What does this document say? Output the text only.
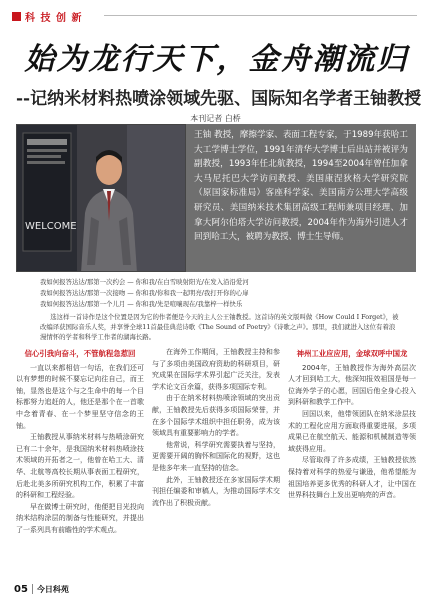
科 技 创 新
始为龙行天下，金舟潮流归
--记纳米材料热喷涂领域先驱、国际知名学者王铀教授
本刊记者 白桥
WELCOME
王铀 教授，摩擦学家、表面工程专家，于1989年获哈工大工学博士学位，1991年清华大学博士后出站并被评为副教授，1993年任北航教授，1994至2004年曾任加拿大马尼托巴大学访问教授、美国康涅狄格大学研究院（原国家标准局）客座科学家、美国南方公理大学高级研究员、美国纳米技术集团高级工程师兼项目经理、加拿大阿尔伯塔大学访问教授，2004年作为海外引进人才回到哈工大，被聘为教授、博士生导师。
我如何报答达达/那第一次约会 — 你和我/在白雪映射阳光/在发入沿沿爱河
我如何报答达达/那第一次接吻 — 你和我/你和我一起明亮/我打开你的心扉
我如何报答达达/那第一个儿月 — 你和我/先是喧嚷现在/我靠梓一样快乐
选这样一首诗作是这个位置是因为它的作者便是今天的主人公王铀教授。这首诗的英文版叫做《How Could I Forget》，被改编译获国际音乐人奖，并享誉全球11首最佳典范诗歌《The Sound of Poetry》《诗歌之声》。那里，我们就进入这位有着浪漫情怀的学者和科学工作者的湖海长路。
信心引我向奋斗，不管航程急惹回

一直以来都相信一句话，在我们还可以有梦想的时候不要忘记向往自己，而王铀，显然也是这个与之生命中的每一个目标都努力追赶的人，他还是那个在一首歌中念着青春、在一个梦里坚守信念的王铀。

王铀教授从事纳米材料与热喷涂研究已有二十余年，是我国纳米材料热喷涂技术领域的开拓者之一，他曾在哈工大、清华、北航等高校长期从事表面工程研究，后赴北美多所研究机构工作，积累了丰富的科研和工程经验。

早在做博士研究时，他便把目光投向纳米结构涂层的制备与性能研究，并提出了一系列具有前瞻性的学术观点。

在海外工作期间，王铀教授主持和参与了多项由美国政府资助的科研项目，研究成果在国际学术界引起广泛关注，发表学术论文百余篇，获得多项国际专利。

由于在纳米材料热喷涂领域的突出贡献，王铀教授先后获得多项国际荣誉，并在多个国际学术组织中担任职务，成为该领域具有重要影响力的学者。

他常说，科学研究需要执着与坚持，更需要开阔的胸怀和国际化的视野，这也是他多年来一直坚持的信念。

此外，王铀教授还在多家国际学术期刊担任编委和审稿人，为推动国际学术交流作出了积极贡献。

神州工业应应用，金球双呼中国龙

2004年，王铀教授作为海外高层次人才回到哈工大，他深知报效祖国是每一位海外学子的心愿，回国后他全身心投入到科研和教学工作中。

回国以来，他带领团队在纳米涂层技术的工程化应用方面取得重要进展，多项成果已在航空航天、能源和机械制造等领域获得应用。

尽管取得了许多成绩，王铀教授依然保持着对科学的热爱与谦逊，他希望能为祖国培养更多优秀的科研人才，让中国在世界科技舞台上发出更响亮的声音。

05 今日科苑
